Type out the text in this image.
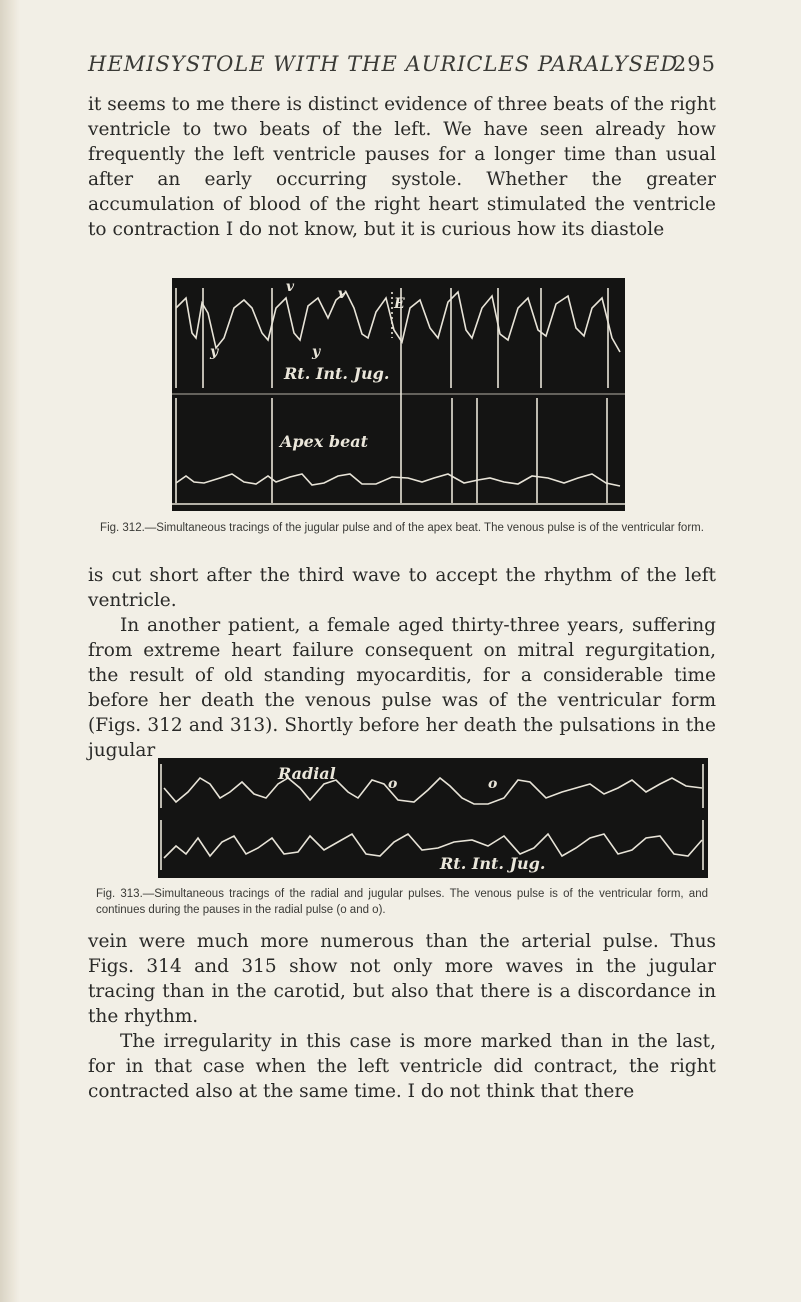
HEMISYSTOLE WITH THE AURICLES PARALYSED
295

it seems to me there is distinct evidence of three beats of the right ventricle to two beats of the left. We have seen already how frequently the left ventricle pauses for a longer time than usual after an early occurring systole. Whether the greater accumulation of blood of the right heart stimulated the ventricle to contraction I do not know, but it is curious how its diastole

v	v
E
y	y
Rt. Int. Jug.
Apex beat

Fig. 312.—Simultaneous tracings of the jugular pulse and of the apex beat. The venous pulse is of the ventricular form.

is cut short after the third wave to accept the rhythm of the left ventricle.

In another patient, a female aged thirty-three years, suffering from extreme heart failure consequent on mitral regurgitation, the result of old standing myocarditis, for a considerable time before her death the venous pulse was of the ventricular form (Figs. 312 and 313). Shortly before her death the pulsations in the jugular

Radial
o	o
Rt. Int. Jug.

Fig. 313.—Simultaneous tracings of the radial and jugular pulses. The venous pulse is of the ventricular form, and continues during the pauses in the radial pulse (o and o).

vein were much more numerous than the arterial pulse. Thus Figs. 314 and 315 show not only more waves in the jugular tracing than in the carotid, but also that there is a discordance in the rhythm.

The irregularity in this case is more marked than in the last, for in that case when the left ventricle did contract, the right contracted also at the same time. I do not think that there
